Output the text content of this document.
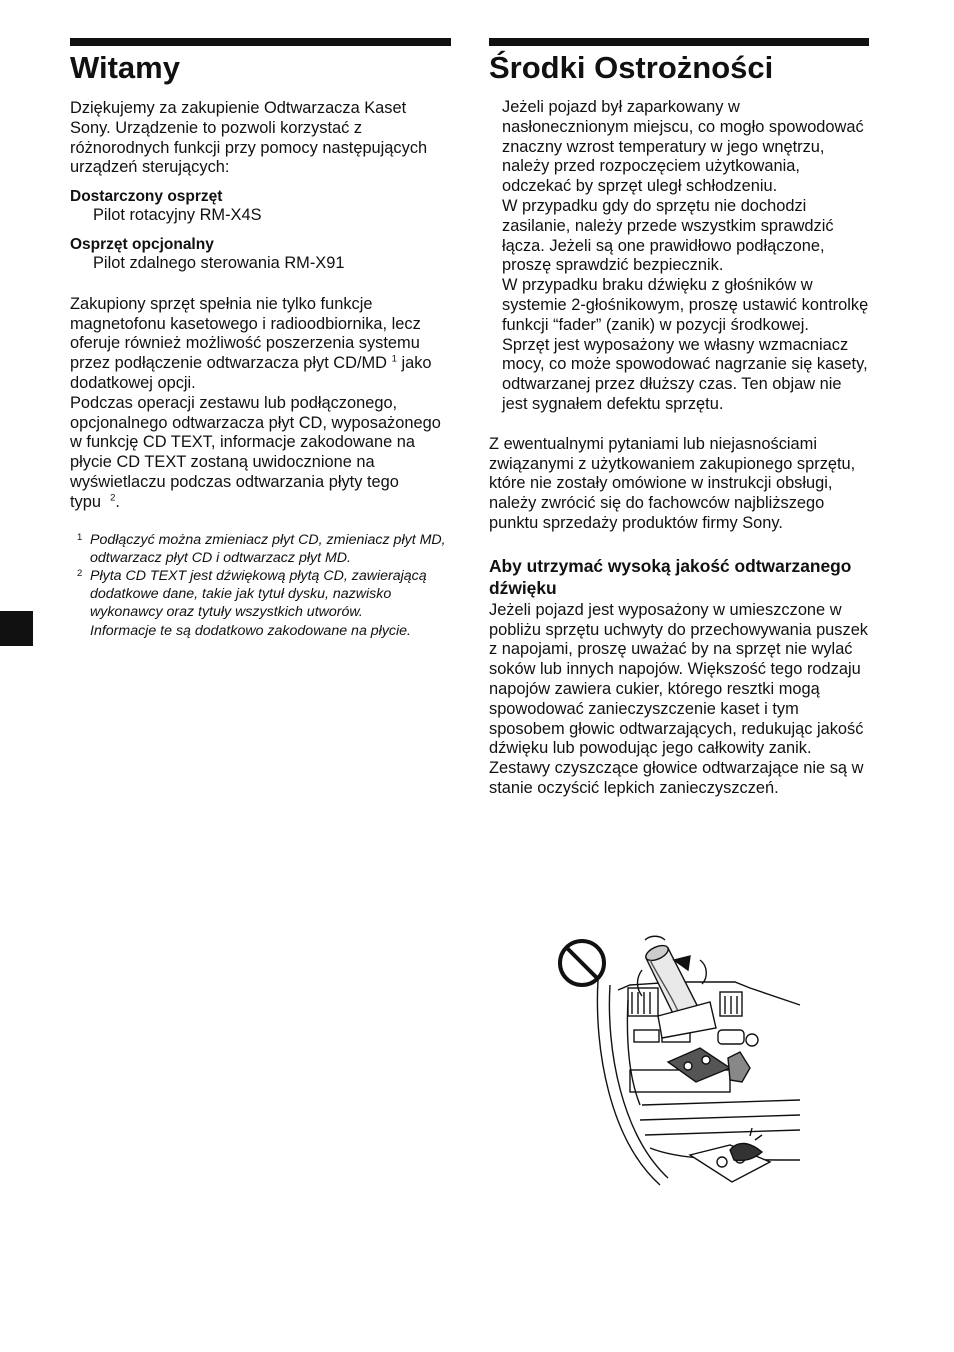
Witamy
Dziękujemy za zakupienie Odtwarzacza Kaset Sony. Urządzenie to pozwoli korzystać z różnorodnych funkcji przy pomocy następujących urządzeń sterujących:
Dostarczony osprzęt
Pilot rotacyjny RM-X4S
Osprzęt opcjonalny
Pilot zdalnego sterowania RM-X91
Zakupiony sprzęt spełnia nie tylko funkcje magnetofonu kasetowego i radioodbiornika, lecz oferuje również możliwość poszerzenia systemu przez podłączenie odtwarzacza płyt CD/MD $^1$ jako dodatkowej opcji.
Podczas operacji zestawu lub podłączonego, opcjonalnego odtwarzacza płyt CD, wyposażonego w funkcję CD TEXT, informacje zakodowane na płycie CD TEXT zostaną uwidocznione na wyświetlaczu podczas odtwarzania płyty tego typu $^2$.
1 Podłączyć można zmieniacz płyt CD, zmieniacz płyt MD, odtwarzacz płyt CD i odtwarzacz płyt MD.
2 Płyta CD TEXT jest dźwiękową płytą CD, zawierającą dodatkowe dane, takie jak tytuł dysku, nazwisko wykonawcy oraz tytuły wszystkich utworów.
Informacje te są dodatkowo zakodowane na płycie.
Środki Ostrożności
Jeżeli pojazd był zaparkowany w nasłonecznionym miejscu, co mogło spowodować znaczny wzrost temperatury w jego wnętrzu, należy przed rozpoczęciem użytkowania, odczekać by sprzęt uległ schłodzeniu.
W przypadku gdy do sprzętu nie dochodzi zasilanie, należy przede wszystkim sprawdzić łącza. Jeżeli są one prawidłowo podłączone, proszę sprawdzić bezpiecznik.
W przypadku braku dźwięku z głośników w systemie 2-głośnikowym, proszę ustawić kontrolkę funkcji “fader” (zanik) w pozycji środkowej.
Sprzęt jest wyposażony we własny wzmacniacz mocy, co może spowodować nagrzanie się kasety, odtwarzanej przez dłuższy czas. Ten objaw nie jest sygnałem defektu sprzętu.
Z ewentualnymi pytaniami lub niejasnościami związanymi z użytkowaniem zakupionego sprzętu, które nie zostały omówione w instrukcji obsługi, należy zwrócić się do fachowców najbliższego punktu sprzedaży produktów firmy Sony.
Aby utrzymać wysoką jakość odtwarzanego dźwięku
Jeżeli pojazd jest wyposażony w umieszczone w pobliżu sprzętu uchwyty do przechowywania puszek z napojami, proszę uważać by na sprzęt nie wylać soków lub innych napojów. Większość tego rodzaju napojów zawiera cukier, którego resztki mogą spowodować zanieczyszczenie kaset i tym sposobem głowic odtwarzających, redukując jakość dźwięku lub powodując jego całkowity zanik.
Zestawy czyszczące głowice odtwarzające nie są w stanie oczyścić lepkich zanieczyszczeń.
